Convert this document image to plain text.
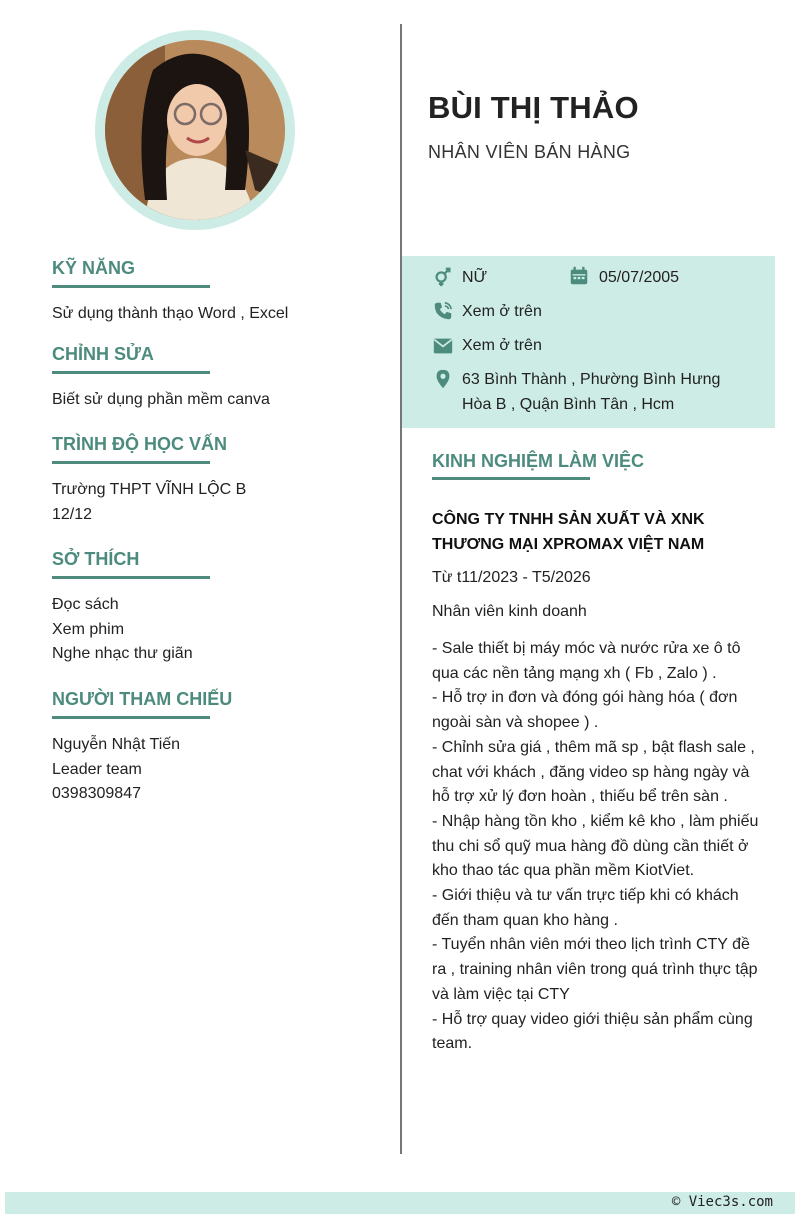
KỸ NĂNG
Sử dụng thành thạo Word , Excel
CHỈNH SỬA
Biết sử dụng phần mềm canva
TRÌNH ĐỘ HỌC VẤN
Trường THPT VĨNH LỘC B
12/12
SỞ THÍCH
Đọc sách
Xem phim
Nghe nhạc thư giãn
NGƯỜI THAM CHIẾU
Nguyễn Nhật Tiến
Leader team
0398309847
BÙI THỊ THẢO
NHÂN VIÊN BÁN HÀNG
NỮ	05/07/2005
Xem ở trên
Xem ở trên
63 Bình Thành , Phường Bình Hưng
Hòa B , Quận Bình Tân , Hcm
KINH NGHIỆM LÀM VIỆC
CÔNG TY TNHH SẢN XUẤT VÀ XNK
THƯƠNG MẠI XPROMAX VIỆT NAM
Từ t11/2023 - T5/2026
Nhân viên kinh doanh

- Sale thiết bị máy móc và nước rửa xe ô tô qua các nền tảng mạng xh ( Fb , Zalo ) .

- Hỗ trợ in đơn và đóng gói hàng hóa ( đơn ngoài sàn và shopee ) .

- Chỉnh sửa giá , thêm mã sp , bật flash sale , chat với khách , đăng video sp hàng ngày và hỗ trợ xử lý đơn hoàn , thiếu bể trên sàn .

- Nhập hàng tồn kho , kiểm kê kho , làm phiếu thu chi sổ quỹ mua hàng đồ dùng cần thiết ở kho thao tác qua phần mềm KiotViet.

- Giới thiệu và tư vấn trực tiếp khi có khách đến tham quan kho hàng .

- Tuyển nhân viên mới theo lịch trình CTY đề ra , training nhân viên trong quá trình thực tập và làm việc tại CTY

- Hỗ trợ quay video giới thiệu sản phẩm cùng team.

© Viec3s.com
